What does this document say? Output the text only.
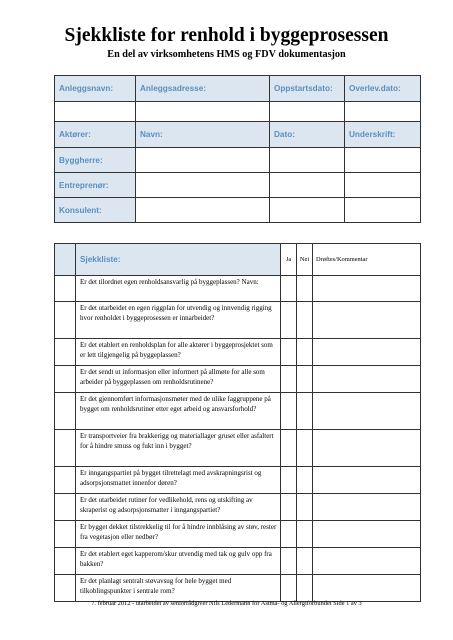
Sjekkliste for renhold i byggeprosessen
En del av virksomhetens HMS og FDV dokumentasjon
Anleggsnavn:	Anleggsadresse:	Oppstartsdato:	Overlev.dato:

Aktører:	Navn:	Dato:	Underskrift:
Byggherre:			
Entreprenør:			
Konsulent:			
	Sjekkliste:	Ja	Nei	Drøftes/Kommentar
	Er det tilordnet egen renholdsansvarlig på byggeplassen? Navn:			
	Er det utarbeidet en egen riggplan for utvendig og innvendig rigging hvor renholdet i byggeprosessen er innarbeidet?			
	Er det etablert en renholdsplan for alle aktører i byggeprosjektet som er lett tilgjengelig på byggeplassen?			
	Er det sendt ut informasjon eller informert på allmøte for alle som arbeider på byggeplassen om renholdsrutinene?			
	Er det gjennomført informasjonsmøter med de ulike faggruppene på bygget om renholdsrutiner etter eget arbeid og ansvarsforhold?			
	Er transportveier fra brakkerigg og materiallager gruset eller asfaltert for å hindre smuss og fukt inn i bygget?			
	Er inngangspartiet på bygget tilrettelagt med avskrapningsrist og adsorpsjonsmattet innenfor døren?			
	Er det utarbeidet rutiner for vedlikehold, rens og utskifting av skraperist og adsorpsjonsmatter i inngangspartiet?			
	Er bygget dekket tilstrekkelig til for å hindre innblåsing av støv, rester fra vegetasjon eller nedbør?			
	Er det etablert eget kapperom/skur utvendig med tak og gulv opp fra bakken?			
	Er det planlagt sentralt støvavsug for hele bygget med tilkoblingspunkter i sentrale rom?			
7. februar 2012 - utarbeidet av seniorrådgiver Nils Ledermann for Astma- og Allergiforbundet Side 1 av 3
